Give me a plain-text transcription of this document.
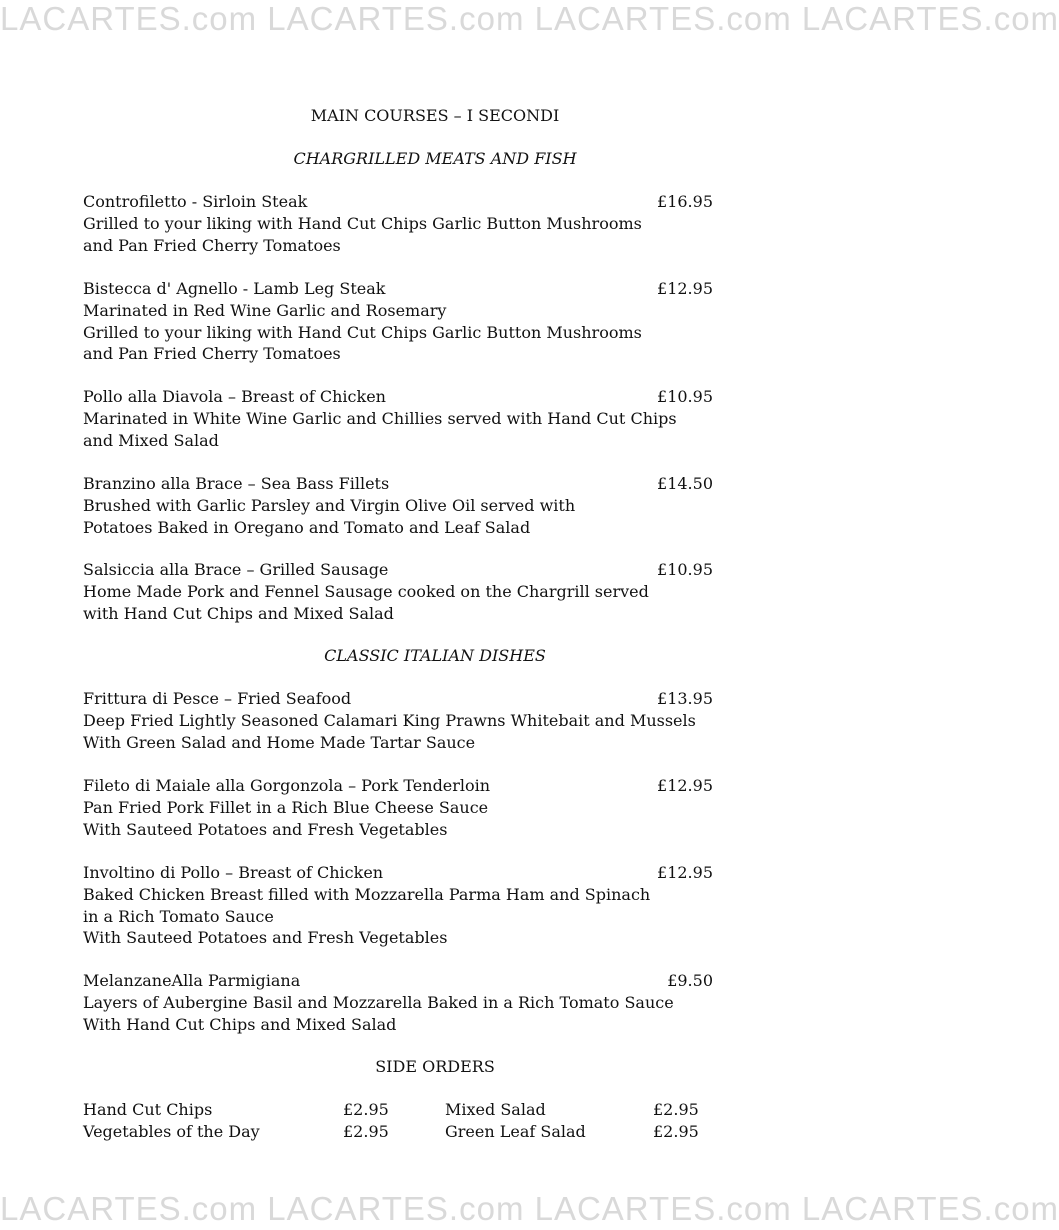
LACARTES.com LACARTES.com LACARTES.com LACARTES.com
MAIN COURSES – I SECONDI
CHARGRILLED MEATS AND FISH
Controfiletto - Sirloin Steak	£16.95
Grilled to your liking with Hand Cut Chips Garlic Button Mushrooms
and Pan Fried Cherry Tomatoes
Bistecca d' Agnello - Lamb Leg Steak	£12.95
Marinated in Red Wine Garlic and Rosemary
Grilled to your liking with Hand Cut Chips Garlic Button Mushrooms
and Pan Fried Cherry Tomatoes
Pollo alla Diavola – Breast of Chicken	£10.95
Marinated in White Wine Garlic and Chillies served with Hand Cut Chips
and Mixed Salad
Branzino alla Brace – Sea Bass Fillets	£14.50
Brushed with Garlic Parsley and Virgin Olive Oil served with
Potatoes Baked in Oregano and Tomato and Leaf Salad
Salsiccia alla Brace – Grilled Sausage	£10.95
Home Made Pork and Fennel Sausage cooked on the Chargrill served
with Hand Cut Chips and Mixed Salad
CLASSIC ITALIAN DISHES
Frittura di Pesce – Fried Seafood	£13.95
Deep Fried Lightly Seasoned Calamari King Prawns Whitebait and Mussels
With Green Salad and Home Made Tartar Sauce
Fileto di Maiale alla Gorgonzola – Pork Tenderloin	£12.95
Pan Fried Pork Fillet in a Rich Blue Cheese Sauce
With Sauteed Potatoes and Fresh Vegetables
Involtino di Pollo – Breast of Chicken	£12.95
Baked Chicken Breast filled with Mozzarella Parma Ham and Spinach
in a Rich Tomato Sauce
With Sauteed Potatoes and Fresh Vegetables
MelanzaneAlla Parmigiana	£9.50
Layers of Aubergine Basil and Mozzarella Baked in a Rich Tomato Sauce
With Hand Cut Chips and Mixed Salad
SIDE ORDERS
Hand Cut Chips	£2.95	Mixed Salad	£2.95
Vegetables of the Day	£2.95	Green Leaf Salad	£2.95
LACARTES.com LACARTES.com LACARTES.com LACARTES.com
